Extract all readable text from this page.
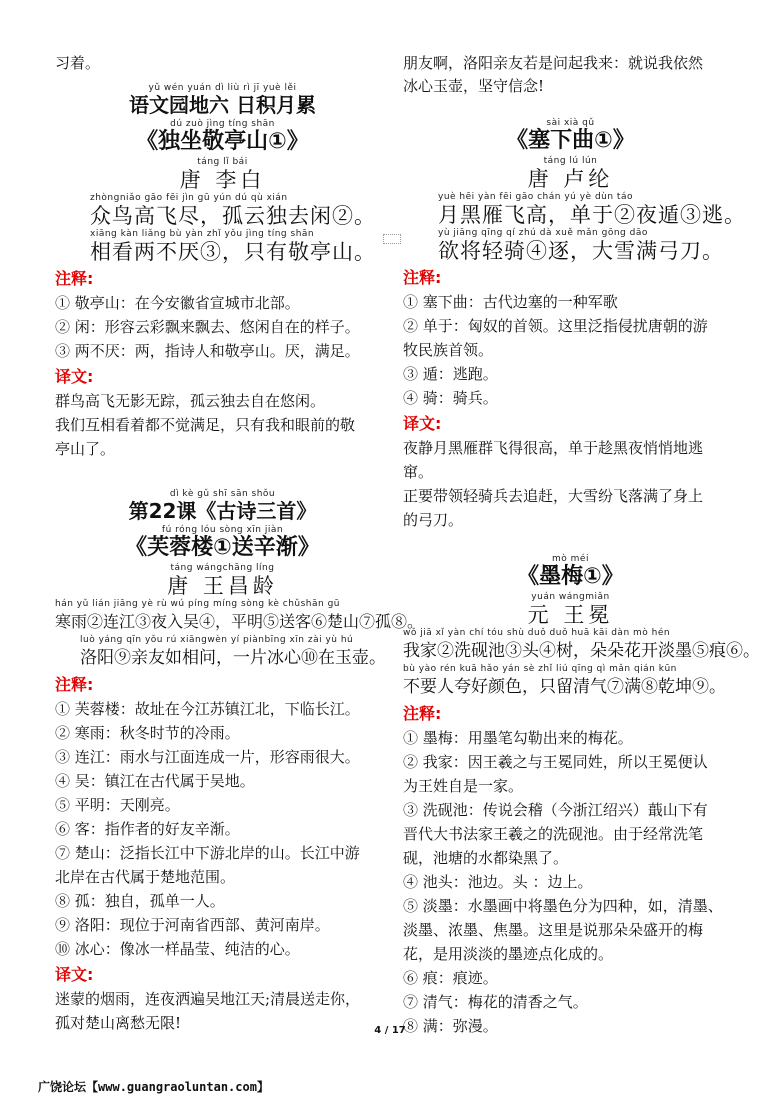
习着。

yǔ wén yuán dì liù rì jī yuè lěi

语文园地六 日积月累

dú zuò jìng tíng shān

《独坐敬亭山①》

táng lǐ bái

唐 李白

zhòngniǎo gāo fēi jìn gū yún dú qù xián

众鸟高飞尽，孤云独去闲②。

xiāng kàn liǎng bù yàn zhǐ yǒu jìng tíng shān

相看两不厌③，只有敬亭山。

注释:

① 敬亭山：在今安徽省宣城市北部。

② 闲：形容云彩飘来飘去、悠闲自在的样子。

③ 两不厌：两，指诗人和敬亭山。厌，满足。

译文:

群鸟高飞无影无踪，孤云独去自在悠闲。

我们互相看着都不觉满足，只有我和眼前的敬

亭山了。

dì kè gǔ shī sān shǒu

第22课《古诗三首》

fú róng lóu sòng xīn jiàn

《芙蓉楼①送辛渐》

táng wángchāng líng

唐 王昌龄

hán yǔ lián jiāng yè rù wú píng míng sòng kè chǔshān gū

寒雨②连江③夜入吴④，平明⑤送客⑥楚山⑦孤⑧。

luò yáng qīn yǒu rú xiāngwèn yí piànbīng xīn zài yù hú

洛阳⑨亲友如相问，一片冰心⑩在玉壶。

注释:

① 芙蓉楼：故址在今江苏镇江北，下临长江。

② 寒雨：秋冬时节的冷雨。

③ 连江：雨水与江面连成一片，形容雨很大。

④ 吴：镇江在古代属于吴地。

⑤ 平明：天刚亮。

⑥ 客：指作者的好友辛渐。

⑦ 楚山：泛指长江中下游北岸的山。长江中游

北岸在古代属于楚地范围。

⑧ 孤：独自，孤单一人。

⑨ 洛阳：现位于河南省西部、黄河南岸。

⑩ 冰心：像冰一样晶莹、纯洁的心。

译文:

迷蒙的烟雨，连夜洒遍吴地江天;清晨送走你，

孤对楚山离愁无限!

朋友啊，洛阳亲友若是问起我来：就说我依然

冰心玉壶，坚守信念!

sài xià qǔ

《塞下曲①》

táng lú lún

唐 卢纶

yuè hēi yàn fēi gāo chán yú yè dùn táo

月黑雁飞高，单于②夜遁③逃。

yù jiāng qīng qí zhú dà xuě mǎn gōng dāo

欲将轻骑④逐，大雪满弓刀。

注释:

① 塞下曲：古代边塞的一种军歌

② 单于：匈奴的首领。这里泛指侵扰唐朝的游

牧民族首领。

③ 遁：逃跑。

④ 骑：骑兵。

译文:

夜静月黑雁群飞得很高，单于趁黑夜悄悄地逃

窜。

正要带领轻骑兵去追赶，大雪纷飞落满了身上

的弓刀。

mò méi

《墨梅①》

yuán wángmiǎn

元 王冕

wǒ jiā xǐ yàn chí tóu shù duǒ duǒ huā kāi dàn mò hén

我家②洗砚池③头④树，朵朵花开淡墨⑤痕⑥。

bù yào rén kuā hǎo yán sè zhǐ liú qīng qì mǎn qián kūn

不要人夸好颜色，只留清气⑦满⑧乾坤⑨。

注释:

① 墨梅：用墨笔勾勒出来的梅花。

② 我家：因王羲之与王冕同姓，所以王冕便认

为王姓自是一家。

③ 洗砚池：传说会稽（今浙江绍兴）蕺山下有

晋代大书法家王羲之的洗砚池。由于经常洗笔

砚，池塘的水都染黑了。

④ 池头：池边。头 ：边上。

⑤ 淡墨：水墨画中将墨色分为四种，如，清墨、

淡墨、浓墨、焦墨。这里是说那朵朵盛开的梅

花，是用淡淡的墨迹点化成的。

⑥ 痕：痕迹。

⑦ 清气：梅花的清香之气。

⑧ 满：弥漫。

4 / 17
广饶论坛【www.guangraoluntan.com】
